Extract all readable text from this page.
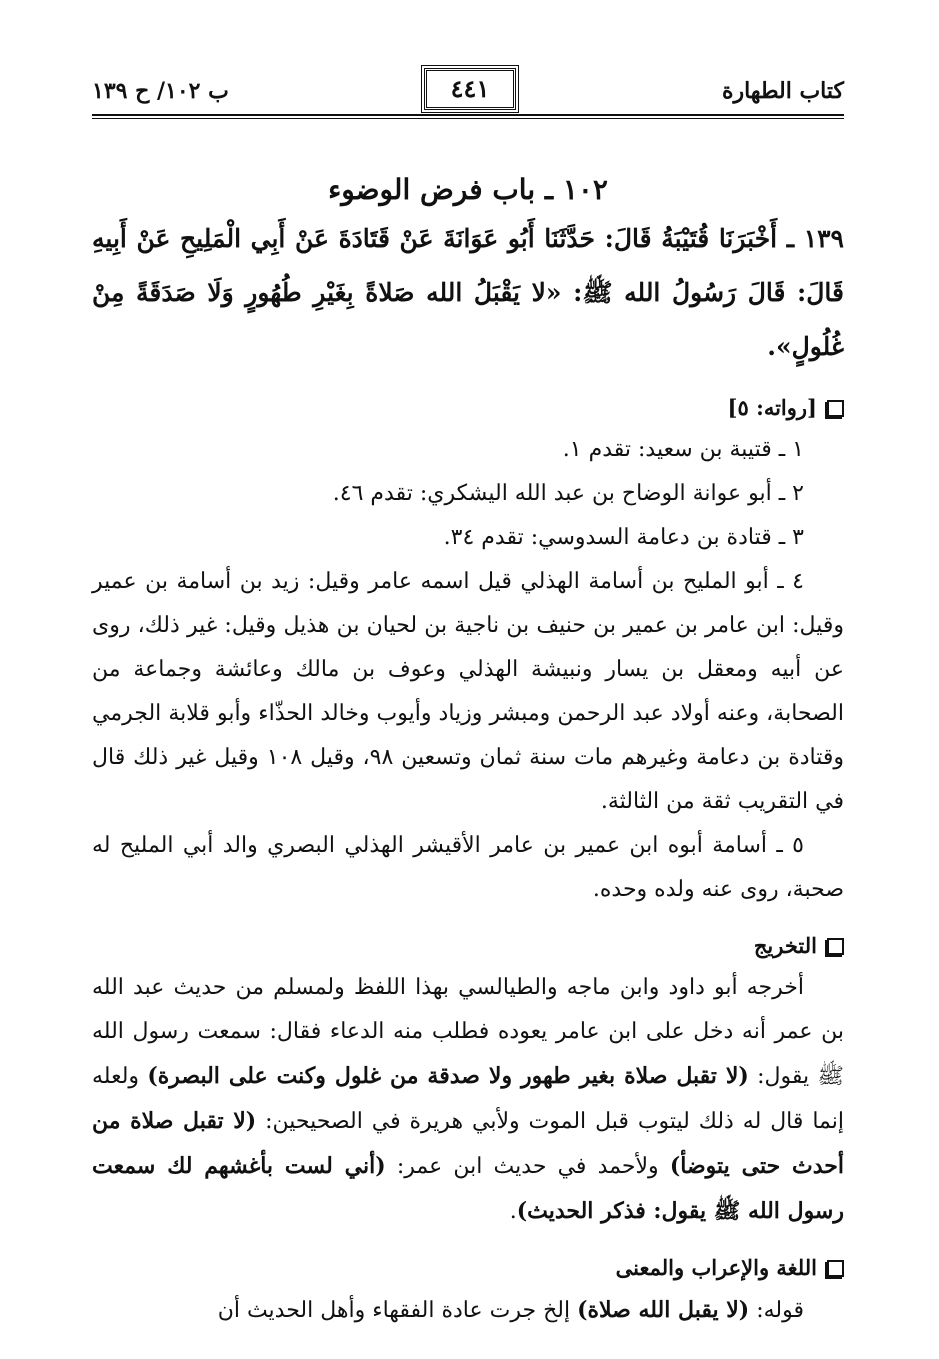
كتاب الطهارة
٤٤١
ب ١٠٢/ ح ١٣٩

١٠٢ ـ باب فرض الوضوء

١٣٩ ـ أَخْبَرَنَا قُتَيْبَةُ قَالَ: حَدَّثَنَا أَبُو عَوَانَةَ عَنْ قَتَادَةَ عَنْ أَبِي الْمَلِيحِ عَنْ أَبِيهِ قَالَ: قَالَ رَسُولُ الله ﷺ: «لا يَقْبَلُ الله صَلاةً بِغَيْرِ طُهُورٍ وَلَا صَدَقَةً مِنْ غُلُولٍ».

[رواته: ٥]

١ ـ قتيبة بن سعيد: تقدم ١.

٢ ـ أبو عوانة الوضاح بن عبد الله اليشكري: تقدم ٤٦.

٣ ـ قتادة بن دعامة السدوسي: تقدم ٣٤.

٤ ـ أبو المليح بن أسامة الهذلي قيل اسمه عامر وقيل: زيد بن أسامة بن عمير وقيل: ابن عامر بن عمير بن حنيف بن ناجية بن لحيان بن هذيل وقيل: غير ذلك، روى عن أبيه ومعقل بن يسار ونبيشة الهذلي وعوف بن مالك وعائشة وجماعة من الصحابة، وعنه أولاد عبد الرحمن ومبشر وزياد وأيوب وخالد الحذّاء وأبو قلابة الجرمي وقتادة بن دعامة وغيرهم مات سنة ثمان وتسعين ٩٨، وقيل ١٠٨ وقيل غير ذلك قال في التقريب ثقة من الثالثة.

٥ ـ أسامة أبوه ابن عمير بن عامر الأقيشر الهذلي البصري والد أبي المليح له صحبة، روى عنه ولده وحده.

التخريج

أخرجه أبو داود وابن ماجه والطيالسي بهذا اللفظ ولمسلم من حديث عبد الله بن عمر أنه دخل على ابن عامر يعوده فطلب منه الدعاء فقال: سمعت رسول الله ﷺ يقول: (لا تقبل صلاة بغير طهور ولا صدقة من غلول وكنت على البصرة) ولعله إنما قال له ذلك ليتوب قبل الموت ولأبي هريرة في الصحيحين: (لا تقبل صلاة من أحدث حتى يتوضأ) ولأحمد في حديث ابن عمر: (أني لست بأغشهم لك سمعت رسول الله ﷺ يقول: فذكر الحديث).

اللغة والإعراب والمعنى

قوله: (لا يقبل الله صلاة) إلخ جرت عادة الفقهاء وأهل الحديث أن
